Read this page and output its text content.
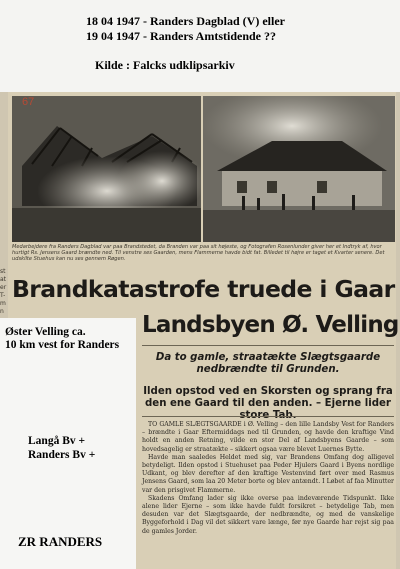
Medarbejdere fra Randers Dagblad var paa Brandstedet, da Branden var paa sit højeste, og Fotografen Rosenlunder giver her et Indtryk af, hvor hurtigt Rs. Jensens Gaard brændte ned. Til venstre ses Gaarden, mens Flammerne havde bidt fat. Billedet til højre er taget et Kvarter senere. Det udskilte Stuehus kan nu ses gennem Røgen.
st
at
er
T-
m
n
Brandkatastrofe truede i Gaar
Landsbyen Ø. Velling
Da to gamle, straatækte Slægtsgaarde nedbrændte til Grunden.
Ilden opstod ved en Skorsten og sprang fra den ene Gaard til den anden. – Ejerne lider

TO GAMLE SLÆGTSGAARDE i Ø. Velling – den lille Landsby Vest for Randers – brændte i Gaar Eftermiddags ned til Grunden, og havde den kraftige Vind holdt en anden Retning, vilde en stor Del af Landsbyens Gaarde – som hovedsagelig er straatækte – sikkert ogsaa være blevet Luernes Bytte.

Havde man saaledes Heldet med sig, var Brandens Omfang dog alligevel betydeligt. Ilden opstod i Stuehuset paa Peder Hjulers Gaard i Byens nordlige Udkant, og blev derefter af den kraftige Vestenvind ført over med Rasmus Jensens Gaard, som laa 20 Meter borte og blev antændt. I Løbet af faa Minutter var den prisgivet Flammerne.

Skadens Omfang lader sig ikke overse paa indeværende Tidspunkt. Ikke alene lider Ejerne – som ikke havde fuldt forsikret – betydelige Tab, men desuden var det Slægtsgaarde, der nedbrændte, og med de vanskelige Byggeforhold i Dag vil det sikkert vare længe, før nye Gaarde har rejst sig paa de gamles Jorder.

18 04 1947 - Randers Dagblad (V) eller
19 04 1947 - Randers Amtstidende ??
Kilde : Falcks udklipsarkiv
67
Øster Velling ca.
10 km vest for Randers
Langå Bv +
Randers Bv +
ZR RANDERS
